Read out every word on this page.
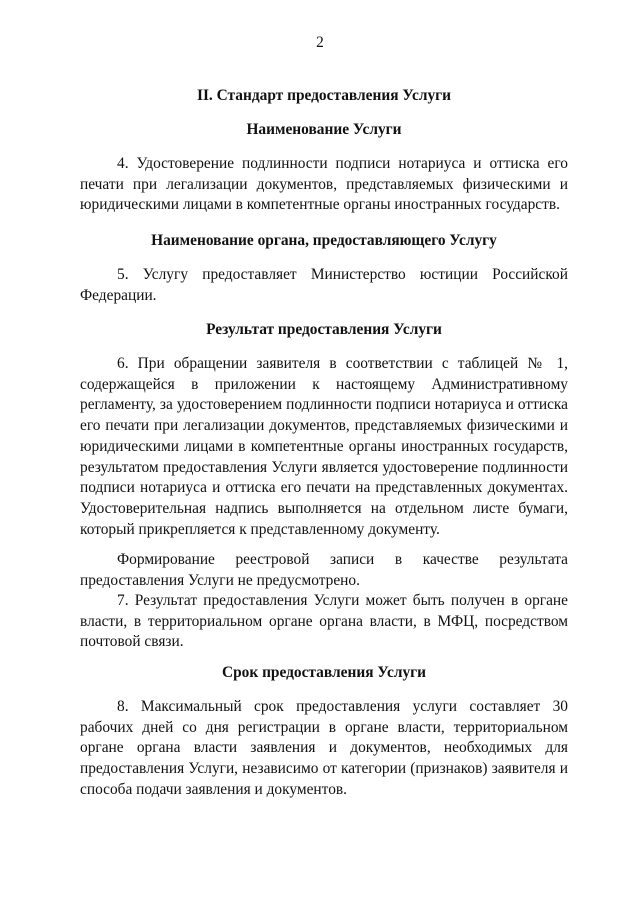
2
II. Стандарт предоставления Услуги
Наименование Услуги

4. Удостоверение подлинности подписи нотариуса и оттиска его печати при легализации документов, представляемых физическими и юридическими лицами в компетентные органы иностранных государств.

Наименование органа, предоставляющего Услугу

5. Услугу предоставляет Министерство юстиции Российской Федерации.

Результат предоставления Услуги

6. При обращении заявителя в соответствии с таблицей № 1, содержащейся в приложении к настоящему Административному регламенту, за удостоверением подлинности подписи нотариуса и оттиска его печати при легализации документов, представляемых физическими и юридическими лицами в компетентные органы иностранных государств, результатом предоставления Услуги является удостоверение подлинности подписи нотариуса и оттиска его печати на представленных документах. Удостоверительная надпись выполняется на отдельном листе бумаги, который прикрепляется к представленному документу.

Формирование реестровой записи в качестве результата предоставления Услуги не предусмотрено.

7. Результат предоставления Услуги может быть получен в органе власти, в территориальном органе органа власти, в МФЦ, посредством почтовой связи.

Срок предоставления Услуги

8. Максимальный срок предоставления услуги составляет 30 рабочих дней со дня регистрации в органе власти, территориальном органе органа власти заявления и документов, необходимых для предоставления Услуги, независимо от категории (признаков) заявителя и способа подачи заявления и документов.
